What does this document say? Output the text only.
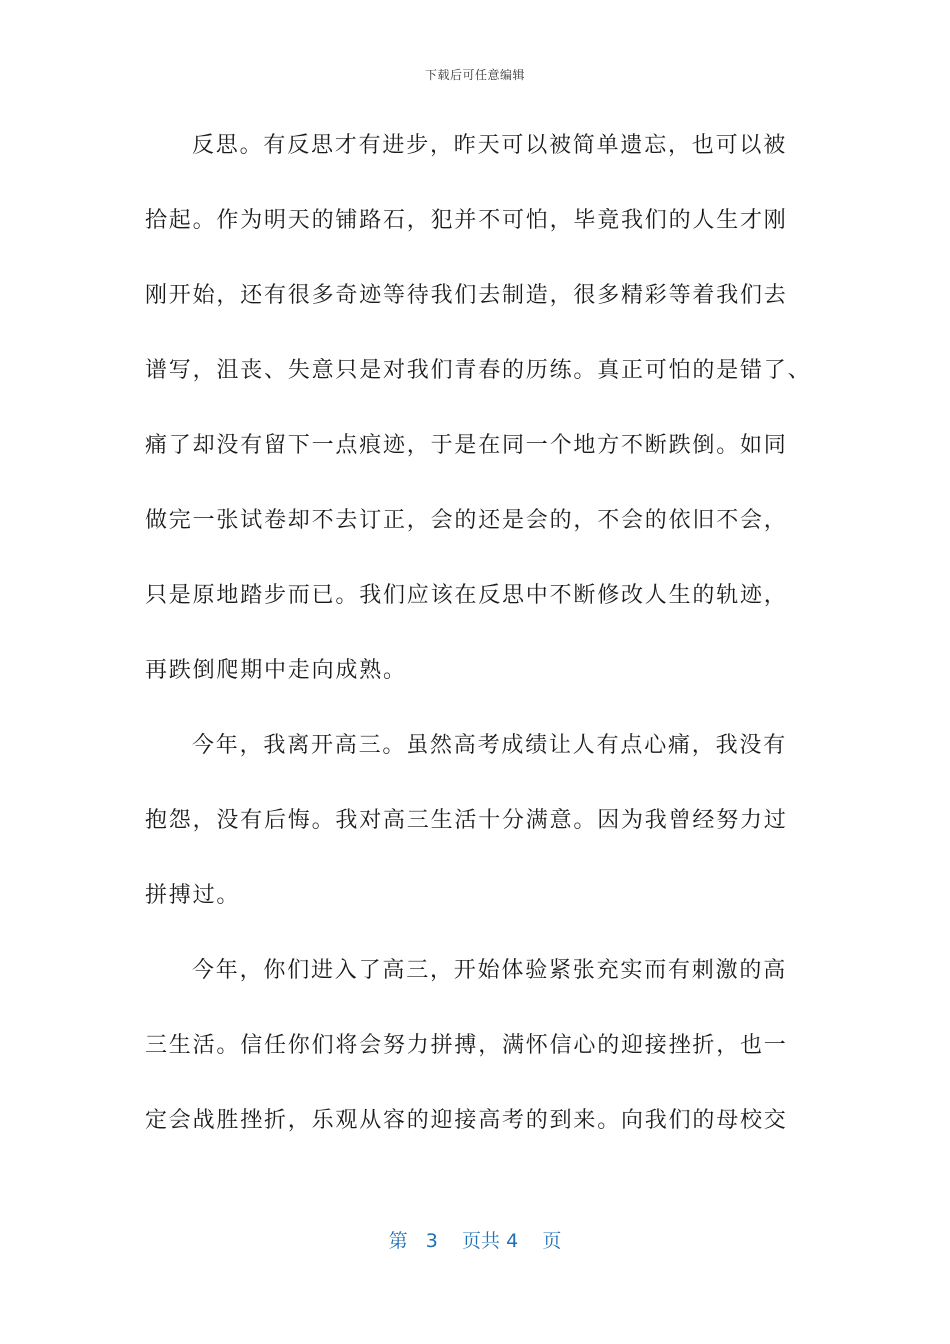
下载后可任意编辑
反思。有反思才有进步，昨天可以被简单遗忘，也可以被
拾起。作为明天的铺路石，犯并不可怕，毕竟我们的人生才刚
刚开始，还有很多奇迹等待我们去制造，很多精彩等着我们去
谱写，沮丧、失意只是对我们青春的历练。真正可怕的是错了、
痛了却没有留下一点痕迹，于是在同一个地方不断跌倒。如同
做完一张试卷却不去订正，会的还是会的，不会的依旧不会，
只是原地踏步而已。我们应该在反思中不断修改人生的轨迹，
再跌倒爬期中走向成熟。
今年，我离开高三。虽然高考成绩让人有点心痛，我没有
抱怨，没有后悔。我对高三生活十分满意。因为我曾经努力过
拼搏过。
今年，你们进入了高三，开始体验紧张充实而有刺激的高
三生活。信任你们将会努力拼搏，满怀信心的迎接挫折，也一
定会战胜挫折，乐观从容的迎接高考的到来。向我们的母校交
第 3 页共 4 页
